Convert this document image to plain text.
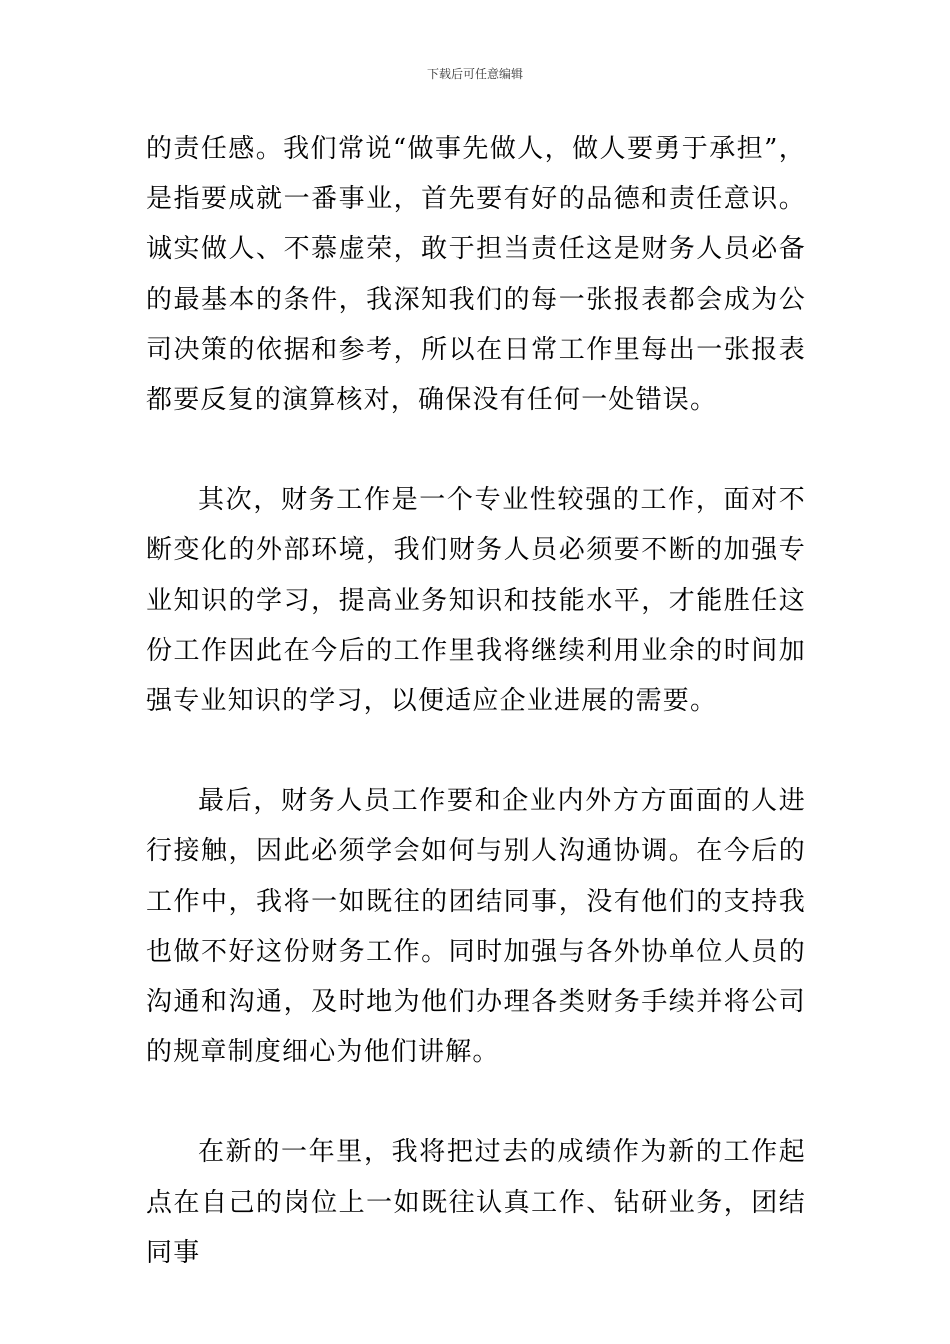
下载后可任意编辑

的责任感。我们常说“做事先做人，做人要勇于承担”，是指要成就一番事业，首先要有好的品德和责任意识。诚实做人、不慕虚荣，敢于担当责任这是财务人员必备的最基本的条件，我深知我们的每一张报表都会成为公司决策的依据和参考，所以在日常工作里每出一张报表都要反复的演算核对，确保没有任何一处错误。

其次，财务工作是一个专业性较强的工作，面对不断变化的外部环境，我们财务人员必须要不断的加强专业知识的学习，提高业务知识和技能水平，才能胜任这份工作因此在今后的工作里我将继续利用业余的时间加强专业知识的学习，以便适应企业进展的需要。

最后，财务人员工作要和企业内外方方面面的人进行接触，因此必须学会如何与别人沟通协调。在今后的工作中，我将一如既往的团结同事，没有他们的支持我也做不好这份财务工作。同时加强与各外协单位人员的沟通和沟通，及时地为他们办理各类财务手续并将公司的规章制度细心为他们讲解。

在新的一年里，我将把过去的成绩作为新的工作起点在自己的岗位上一如既往认真工作、钻研业务，团结同事
